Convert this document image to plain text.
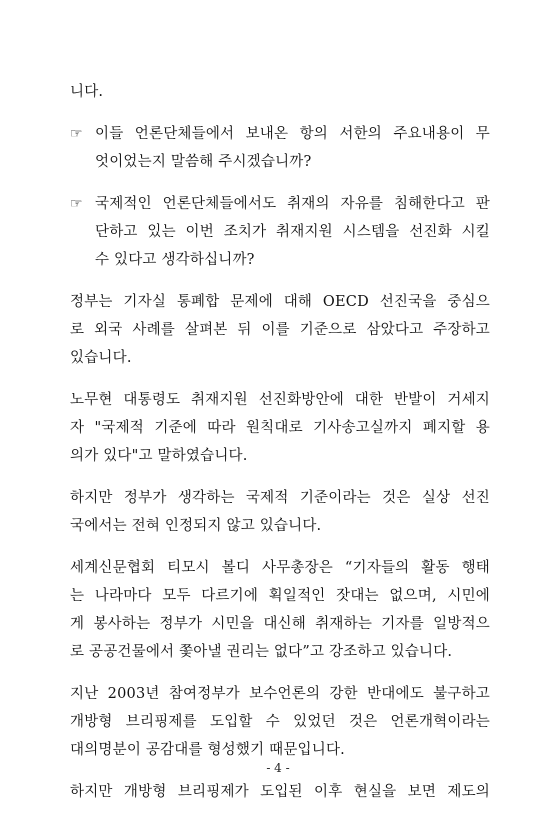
니다.
☞ 이들 언론단체들에서 보내온 항의 서한의 주요내용이 무
엇이었는지 말씀해 주시겠습니까?
☞ 국제적인 언론단체들에서도 취재의 자유를 침해한다고 판
단하고 있는 이번 조치가 취재지원 시스템을 선진화 시킬
수 있다고 생각하십니까?
정부는 기자실 통폐합 문제에 대해 OECD 선진국을 중심으
로 외국 사례를 살펴본 뒤 이를 기준으로 삼았다고 주장하고
있습니다.
노무현 대통령도 취재지원 선진화방안에 대한 반발이 거세지
자 "국제적 기준에 따라 원칙대로 기사송고실까지 폐지할 용
의가 있다"고 말하였습니다.
하지만 정부가 생각하는 국제적 기준이라는 것은 실상 선진
국에서는 전혀 인정되지 않고 있습니다.
세계신문협회 티모시 볼디 사무총장은 “기자들의 활동 행태
는 나라마다 모두 다르기에 획일적인 잣대는 없으며, 시민에
게 봉사하는 정부가 시민을 대신해 취재하는 기자를 일방적으
로 공공건물에서 쫓아낼 권리는 없다”고 강조하고 있습니다.
지난 2003년 참여정부가 보수언론의 강한 반대에도 불구하고
개방형 브리핑제를 도입할 수 있었던 것은 언론개혁이라는
대의명분이 공감대를 형성했기 때문입니다.
하지만 개방형 브리핑제가 도입된 이후 현실을 보면 제도의
- 4 -
